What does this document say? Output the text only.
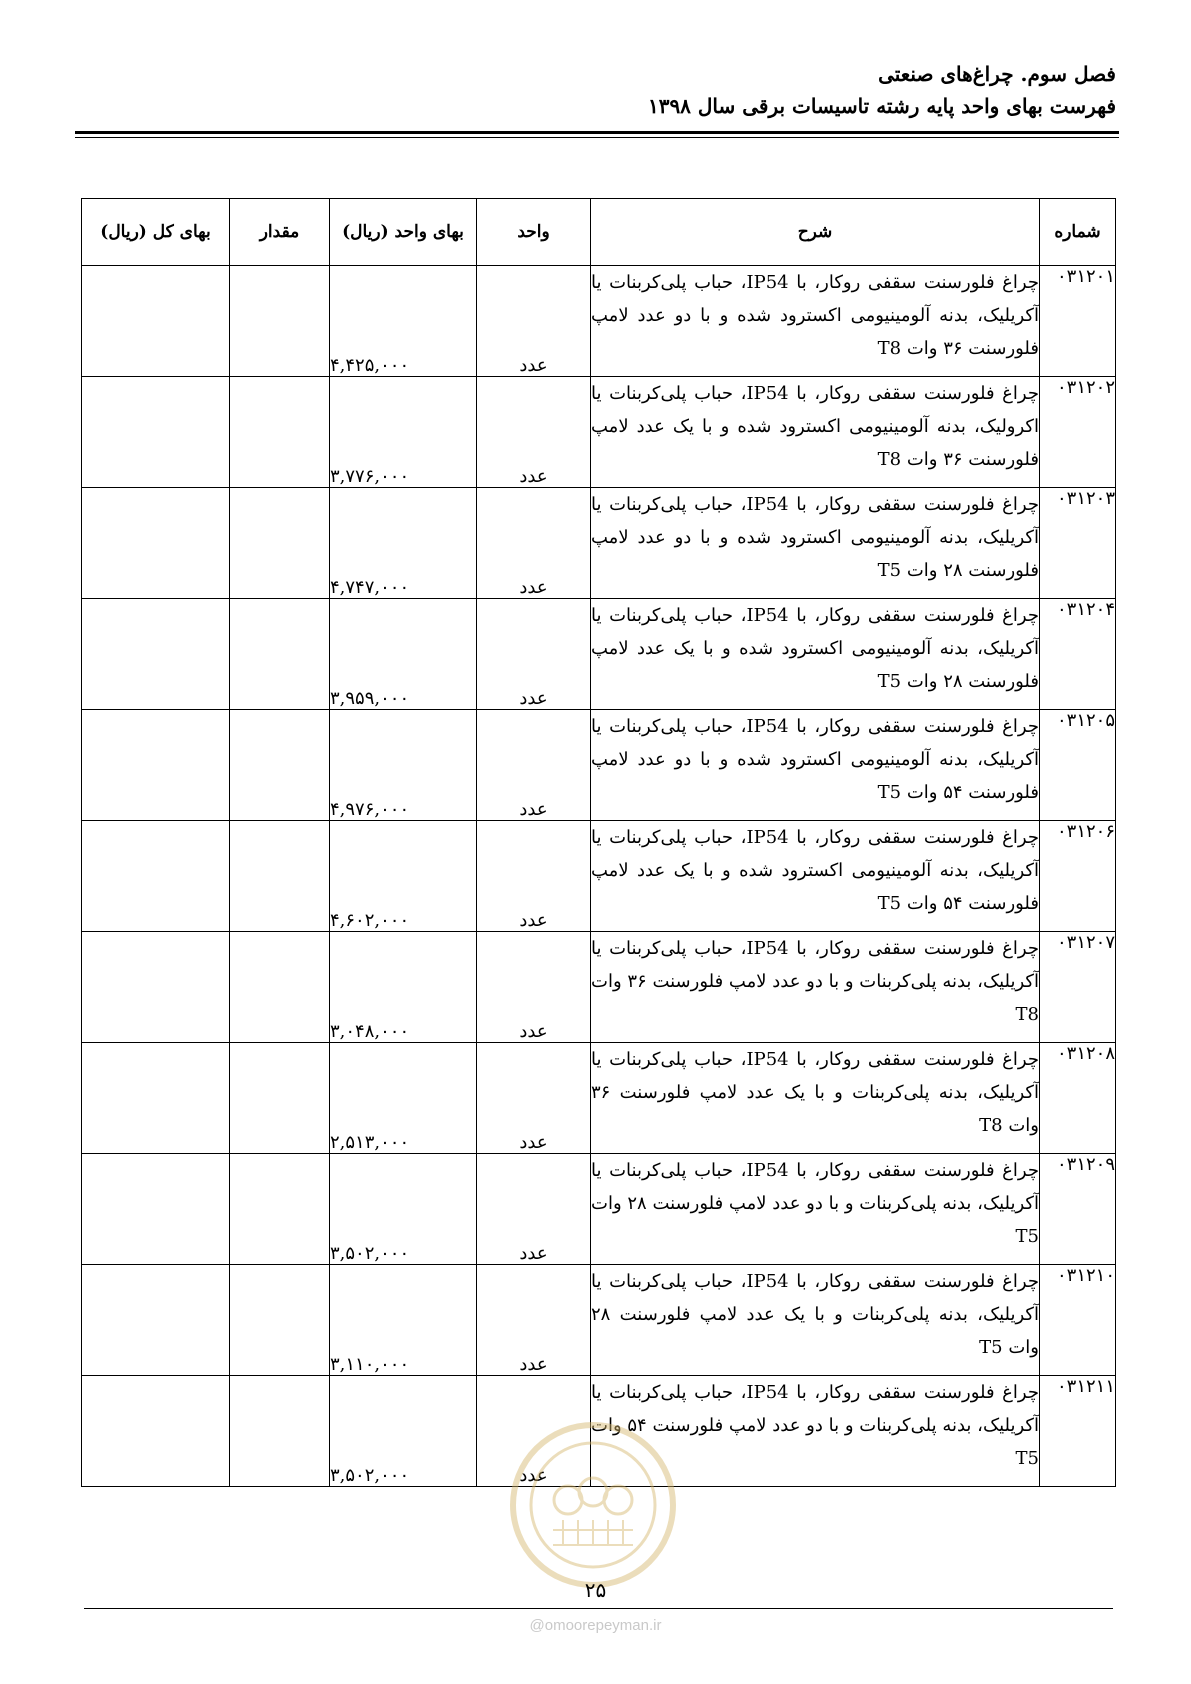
فصل سوم. چراغ‌های صنعتی
فهرست بهای واحد پایه رشته تاسیسات برقی سال ۱۳۹۸
شماره	شرح	واحد	بهای واحد (ریال)	مقدار	بهای کل (ریال)
۰۳۱۲۰۱	چراغ فلورسنت سقفی روکار، با IP54، حباب پلی‌کربنات یا آکریلیک، بدنه آلومینیومی اکسترود شده و با دو عدد لامپ فلورسنت ۳۶ وات T8	عدد	۴,۴۲۵,۰۰۰		
۰۳۱۲۰۲	چراغ فلورسنت سقفی روکار، با IP54، حباب پلی‌کربنات یا اکرولیک، بدنه آلومینیومی اکسترود شده و با یک عدد لامپ فلورسنت ۳۶ وات T8	عدد	۳,۷۷۶,۰۰۰		
۰۳۱۲۰۳	چراغ فلورسنت سقفی روکار، با IP54، حباب پلی‌کربنات یا آکریلیک، بدنه آلومینیومی اکسترود شده و با دو عدد لامپ فلورسنت ۲۸ وات T5	عدد	۴,۷۴۷,۰۰۰		
۰۳۱۲۰۴	چراغ فلورسنت سقفی روکار، با IP54، حباب پلی‌کربنات یا آکریلیک، بدنه آلومینیومی اکسترود شده و با یک عدد لامپ فلورسنت ۲۸ وات T5	عدد	۳,۹۵۹,۰۰۰		
۰۳۱۲۰۵	چراغ فلورسنت سقفی روکار، با IP54، حباب پلی‌کربنات یا آکریلیک، بدنه آلومینیومی اکسترود شده و با دو عدد لامپ فلورسنت ۵۴ وات T5	عدد	۴,۹۷۶,۰۰۰		
۰۳۱۲۰۶	چراغ فلورسنت سقفی روکار، با IP54، حباب پلی‌کربنات یا آکریلیک، بدنه آلومینیومی اکسترود شده و با یک عدد لامپ فلورسنت ۵۴ وات T5	عدد	۴,۶۰۲,۰۰۰		
۰۳۱۲۰۷	چراغ فلورسنت سقفی روکار، با IP54، حباب پلی‌کربنات یا آکریلیک، بدنه پلی‌کربنات و با دو عدد لامپ فلورسنت ۳۶ وات T8	عدد	۳,۰۴۸,۰۰۰		
۰۳۱۲۰۸	چراغ فلورسنت سقفی روکار، با IP54، حباب پلی‌کربنات یا آکریلیک، بدنه پلی‌کربنات و با یک عدد لامپ فلورسنت ۳۶ وات T8	عدد	۲,۵۱۳,۰۰۰		
۰۳۱۲۰۹	چراغ فلورسنت سقفی روکار، با IP54، حباب پلی‌کربنات یا آکریلیک، بدنه پلی‌کربنات و با دو عدد لامپ فلورسنت ۲۸ وات T5	عدد	۳,۵۰۲,۰۰۰		
۰۳۱۲۱۰	چراغ فلورسنت سقفی روکار، با IP54، حباب پلی‌کربنات یا آکریلیک، بدنه پلی‌کربنات و با یک عدد لامپ فلورسنت ۲۸ وات T5	عدد	۳,۱۱۰,۰۰۰		
۰۳۱۲۱۱	چراغ فلورسنت سقفی روکار، با IP54، حباب پلی‌کربنات یا آکریلیک، بدنه پلی‌کربنات و با دو عدد لامپ فلورسنت ۵۴ وات T5	عدد	۳,۵۰۲,۰۰۰		
۲۵
@omoorepeyman.ir
